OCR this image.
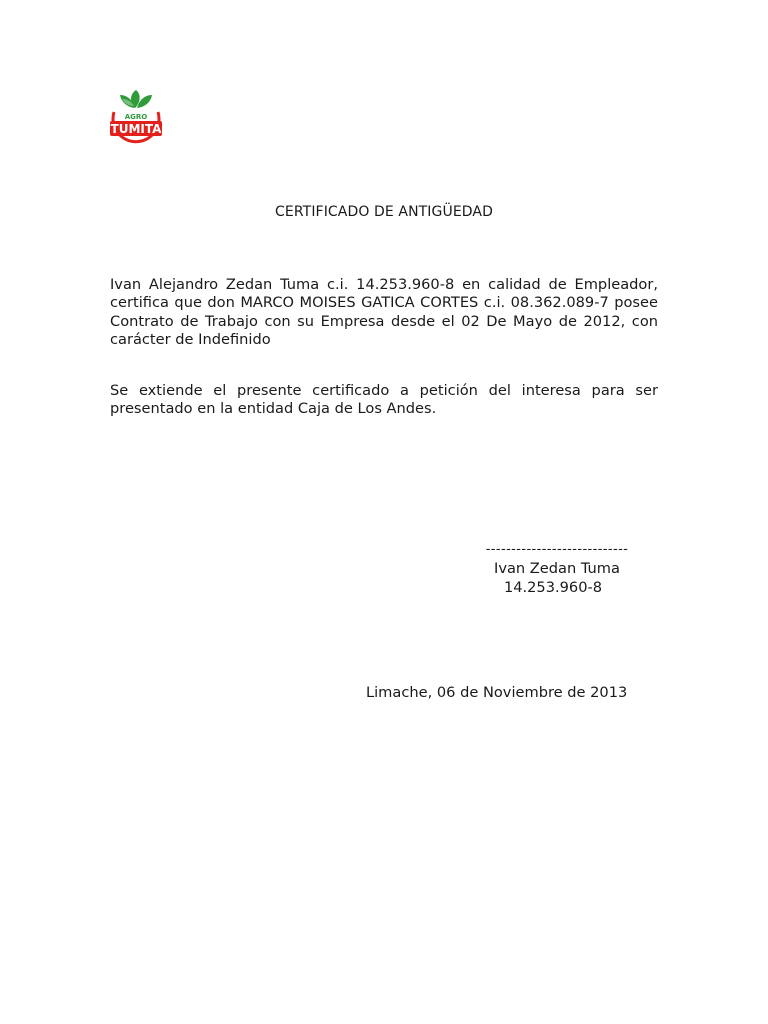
AGRO
TUMITA
CERTIFICADO DE ANTIGÜEDAD
Ivan Alejandro Zedan Tuma c.i. 14.253.960-8 en calidad de Empleador, certifica que don MARCO MOISES GATICA CORTES c.i. 08.362.089-7 posee Contrato de Trabajo con su Empresa desde el 02 De Mayo de 2012, con carácter de Indefinido
Se extiende el presente certificado a petición del interesa para ser presentado en la entidad Caja de Los Andes.
----------------------------
Ivan Zedan Tuma
14.253.960-8
Limache, 06 de Noviembre de 2013
